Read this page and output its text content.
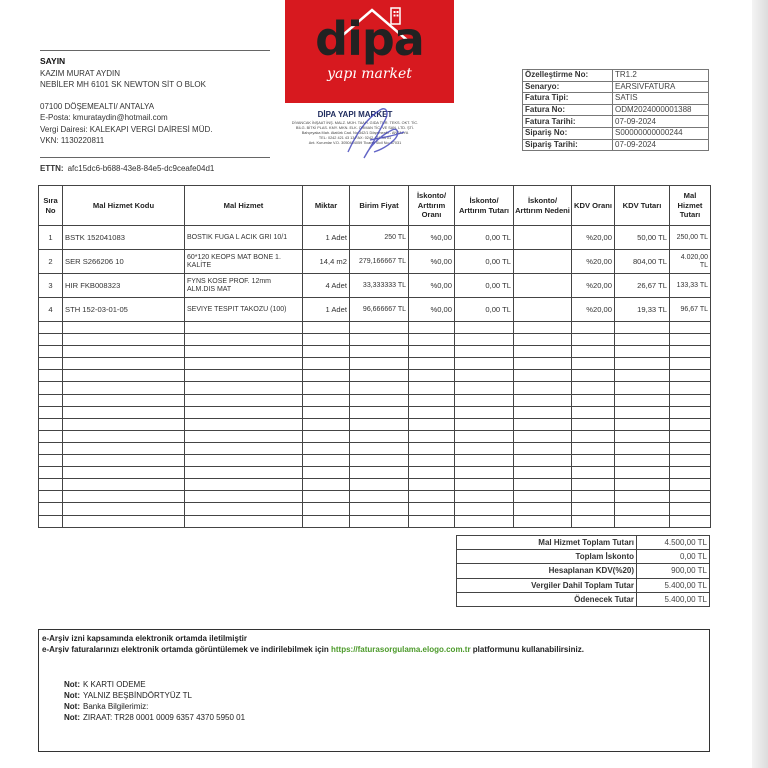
SAYIN
KAZIM MURAT AYDIN
NEBİLER MH 6101 SK NEWTON SİT O BLOK
07100 DÖŞEMEALTI/ ANTALYA
E-Posta: kmurataydin@hotmail.com
Vergi Dairesi: KALEKAPI VERGİ DAİRESİ MÜD.
VKN: 1130220811
dipa
yapı market
DİPA YAPI MARKET
DİVANCAK İNŞAAT İNŞ. MALZ. MÜH. TAAH. GIDA TUR. TEKS. OKT. TİC.
BİLG. BİTKİ PLAS. KMY. MKN. ELK. ORMAN TİC. VE SAN. LTD. ŞTİ.
Bahçeyaka Mah. Atatürk Cad. No:342/1 Döşemealtı - ANTALYA
TEL: 0242 421 43 13 FAX: 0242 421 43 01
Ant. Kurumlar V.D. 3050494059 Ticaret Sicil No: 67031
Özelleştirme No:	TR1.2
Senaryo:	EARSIVFATURA
Fatura Tipi:	SATIS
Fatura No:	ODM2024000001388
Fatura Tarihi:	07-09-2024
Sipariş No:	S00000000000244
Sipariş Tarihi:	07-09-2024
ETTN: afc15dc6-b688-43e8-84e5-dc9ceafe04d1
Sıra No	Mal Hizmet Kodu	Mal Hizmet	Miktar	Birim Fiyat	İskonto/ Arttırım Oranı	İskonto/ Arttırım Tutarı	İskonto/ Arttırım Nedeni	KDV Oranı	KDV Tutarı	Mal Hizmet Tutarı
1	BSTK 152041083	BOSTIK FUGA L ACIK GRI 10/1	1 Adet	250 TL	%0,00	0,00 TL		%20,00	50,00 TL	250,00 TL
2	SER S266206 10	60*120 KEOPS MAT BONE 1. KALİTE	14,4 m2	279,166667 TL	%0,00	0,00 TL		%20,00	804,00 TL	4.020,00 TL
3	HIR FKB008323	FYNS KOSE PROF. 12mm ALM.DIS MAT	4 Adet	33,333333 TL	%0,00	0,00 TL		%20,00	26,67 TL	133,33 TL
4	STH 152-03-01-05	SEVIYE TESPIT TAKOZU (100)	1 Adet	96,666667 TL	%0,00	0,00 TL		%20,00	19,33 TL	96,67 TL

Mal Hizmet Toplam Tutarı	4.500,00 TL
Toplam İskonto	0,00 TL
Hesaplanan KDV(%20)	900,00 TL
Vergiler Dahil Toplam Tutar	5.400,00 TL
Ödenecek Tutar	5.400,00 TL
e-Arşiv izni kapsamında elektronik ortamda iletilmiştir
e-Arşiv faturalarınızı elektronik ortamda görüntülemek ve indirilebilmek için https://faturasorgulama.elogo.com.tr platformunu kullanabilirsiniz.
Not: K KARTI ODEME
Not: YALNIZ BEŞBİNDÖRTYÜZ TL
Not: Banka Bilgilerimiz:
Not: ZIRAAT: TR28 0001 0009 6357 4370 5950 01
